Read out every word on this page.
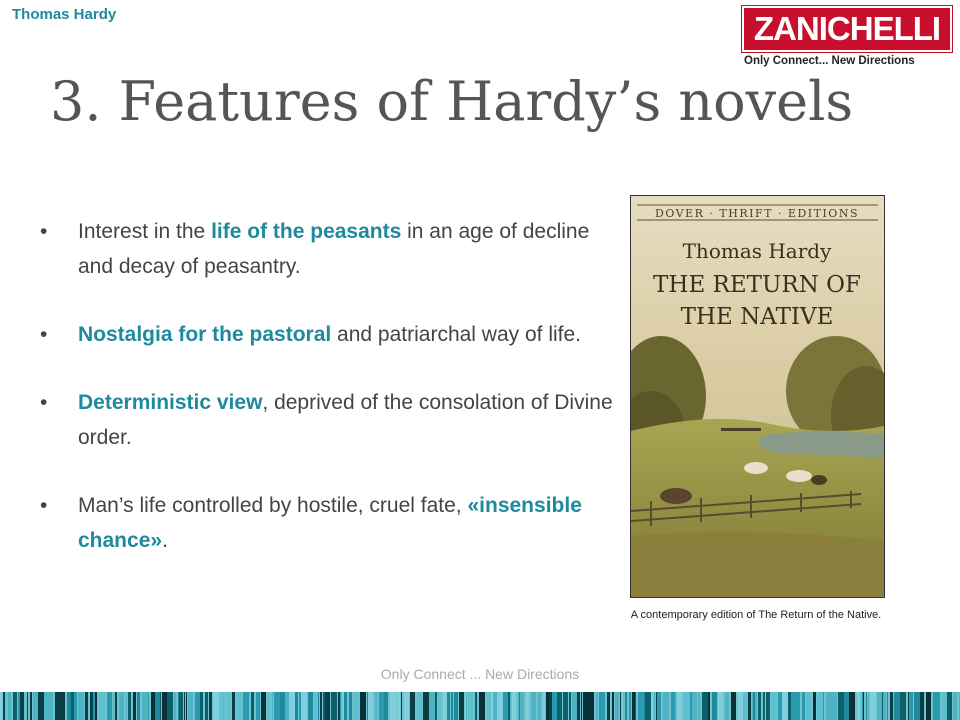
Thomas Hardy	ZANICHELLI
Only Connect... New Directions
3. Features of Hardy’s novels
• Interest in the life of the peasants in an age of decline and decay of peasantry.
• Nostalgia for the pastoral and patriarchal way of life.
• Deterministic view, deprived of the consolation of Divine order.
• Man’s life controlled by hostile, cruel fate, «insensible chance».
DOVER · THRIFT · EDITIONS
Thomas Hardy
THE RETURN OF
THE NATIVE
A contemporary edition of The Return of the Native.
Only Connect ... New Directions
